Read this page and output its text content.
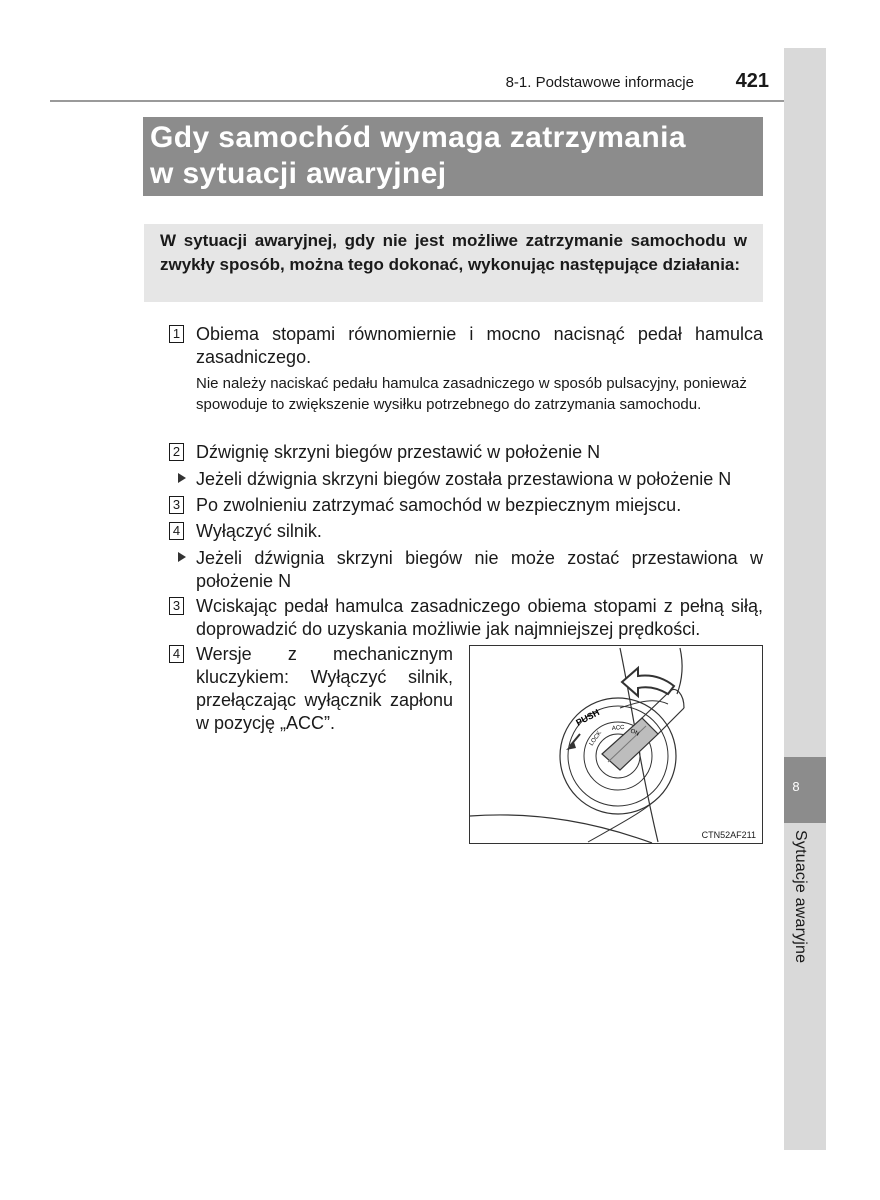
8
Sytuacje awaryjne
8-1. Podstawowe informacje 421
Gdy samochód wymaga zatrzymania
w sytuacji awaryjnej
W sytuacji awaryjnej, gdy nie jest możliwe zatrzymanie samochodu w zwykły sposób, można tego dokonać, wykonując następujące działania:
1 Obiema stopami równomiernie i mocno nacisnąć pedał hamulca zasadniczego.
Nie należy naciskać pedału hamulca zasadniczego w sposób pulsacyjny, ponieważ spowoduje to zwiększenie wysiłku potrzebnego do zatrzymania samochodu.
2 Dźwignię skrzyni biegów przestawić w położenie N
Jeżeli dźwignia skrzyni biegów została przestawiona w położenie N
3 Po zwolnieniu zatrzymać samochód w bezpiecznym miejscu.
4 Wyłączyć silnik.
Jeżeli dźwignia skrzyni biegów nie może zostać przestawiona w położenie N
3 Wciskając pedał hamulca zasadniczego obiema stopami z pełną siłą, doprowadzić do uzyskania możliwie jak najmniejszej prędkości.
4 Wersje z mechanicznym kluczykiem: Wyłączyć silnik, przełączając wyłącznik zapłonu w pozycję „ACC”.	PUSH
LOCK
ACC ON
CTN52AF211
